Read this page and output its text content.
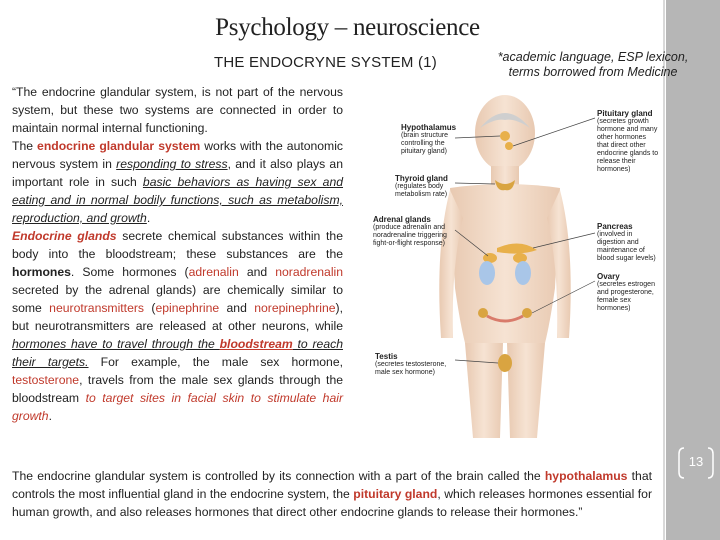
Psychology – neuroscience
THE ENDOCRYNE SYSTEM (1)	*academic language, ESP lexicon, terms borrowed from Medicine
“The endocrine glandular system, is not part of the nervous system, but these two systems are connected in order to maintain normal internal functioning.
The endocrine glandular system works with the autonomic nervous system in responding to stress, and it also plays an important role in such basic behaviors as having sex and eating and in normal bodily functions, such as metabolism, reproduction, and growth.
Endocrine glands secrete chemical substances within the body into the bloodstream; these substances are the hormones. Some hormones (adrenalin and noradrenalin secreted by the adrenal glands) are chemically similar to some neurotransmitters (epinephrine and norepinephrine), but neurotransmitters are released at other neurons, while hormones have to travel through the bloodstream to reach their targets. For example, the male sex hormone, testosterone, travels from the male sex glands through the bloodstream to target sites in facial skin to stimulate hair growth.
Hypothalamus
(brain structure controlling the pituitary gland)
Thyroid gland
(regulates body metabolism rate)
Adrenal glands
(produce adrenalin and noradrenaline triggering fight-or-flight response)
Testis
(secretes testosterone, male sex hormone)
Pituitary gland
(secretes growth hormone and many other hormones that direct other endocrine glands to release their hormones)
Pancreas
(involved in digestion and maintenance of blood sugar levels)
Ovary
(secretes estrogen and progesterone, female sex hormones)
The endocrine glandular system is controlled by its connection with a part of the brain called the hypothalamus that controls the most influential gland in the endocrine system, the pituitary gland, which releases hormones essential for human growth, and also releases hormones that direct other endocrine glands to release their hormones.”
13
